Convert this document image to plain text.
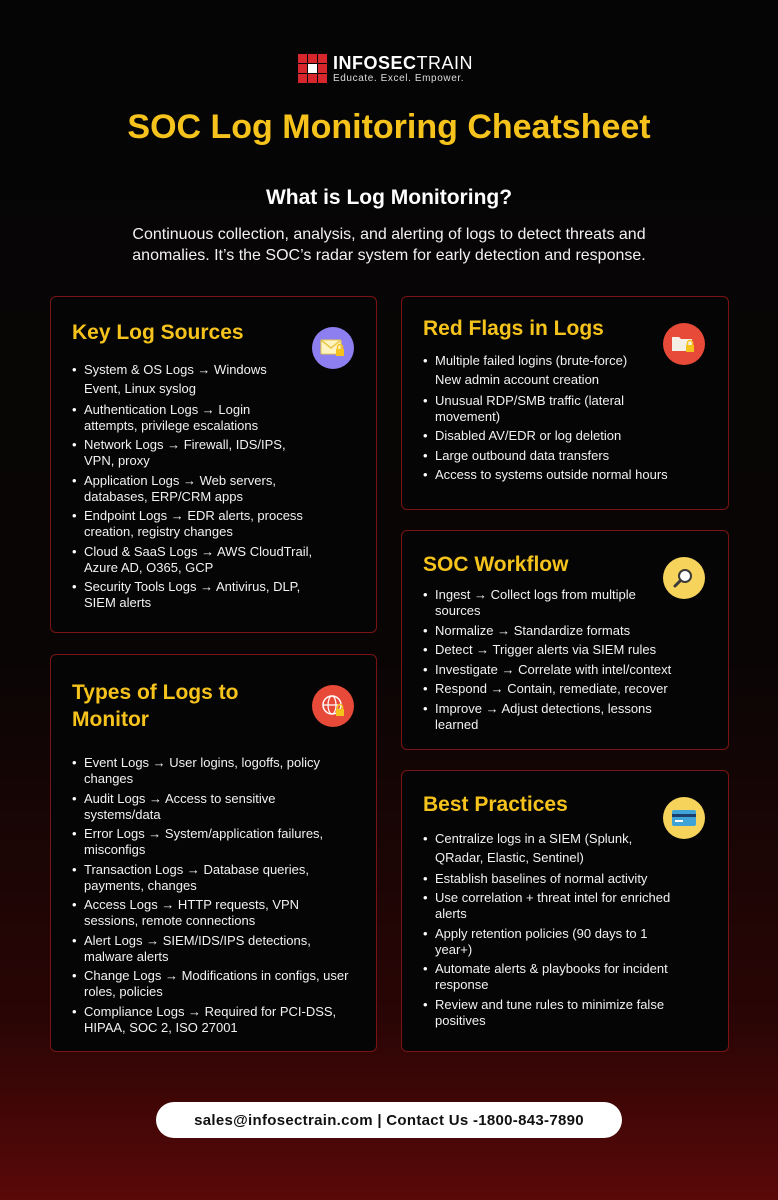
INFOSECTRAIN
Educate. Excel. Empower.
SOC Log Monitoring Cheatsheet
What is Log Monitoring?
Continuous collection, analysis, and alerting of logs to detect threats and anomalies. It’s the SOC’s radar system for early detection and response.
Key Log Sources
• System & OS Logs → Windows Event, Linux syslog
• Authentication Logs → Login attempts, privilege escalations
• Network Logs → Firewall, IDS/IPS, VPN, proxy
• Application Logs → Web servers, databases, ERP/CRM apps
• Endpoint Logs → EDR alerts, process creation, registry changes
• Cloud & SaaS Logs → AWS CloudTrail, Azure AD, O365, GCP
• Security Tools Logs → Antivirus, DLP, SIEM alerts
Types of Logs to Monitor
• Event Logs → User logins, logoffs, policy changes
• Audit Logs → Access to sensitive systems/data
• Error Logs → System/application failures, misconfigs
• Transaction Logs → Database queries, payments, changes
• Access Logs → HTTP requests, VPN sessions, remote connections
• Alert Logs → SIEM/IDS/IPS detections, malware alerts
• Change Logs → Modifications in configs, user roles, policies
• Compliance Logs → Required for PCI-DSS, HIPAA, SOC 2, ISO 27001
Red Flags in Logs
• Multiple failed logins (brute-force) New admin account creation
• Unusual RDP/SMB traffic (lateral movement)
• Disabled AV/EDR or log deletion
• Large outbound data transfers
• Access to systems outside normal hours
SOC Workflow
• Ingest → Collect logs from multiple sources
• Normalize → Standardize formats
• Detect → Trigger alerts via SIEM rules
• Investigate → Correlate with intel/context
• Respond → Contain, remediate, recover
• Improve → Adjust detections, lessons learned
Best Practices
• Centralize logs in a SIEM (Splunk, QRadar, Elastic, Sentinel)
• Establish baselines of normal activity
• Use correlation + threat intel for enriched alerts
• Apply retention policies (90 days to 1 year+)
• Automate alerts & playbooks for incident response
• Review and tune rules to minimize false positives
sales@infosectrain.com | Contact Us -1800-843-7890
